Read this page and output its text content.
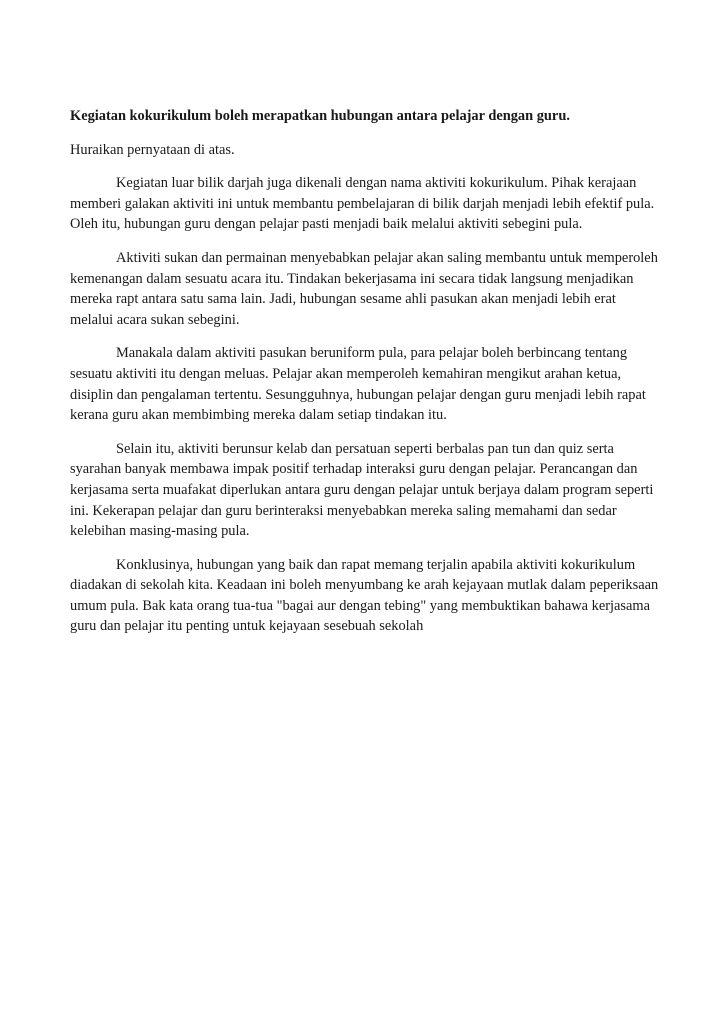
Kegiatan kokurikulum boleh merapatkan hubungan antara pelajar dengan guru.

Huraikan pernyataan di atas.

Kegiatan luar bilik darjah juga dikenali dengan nama aktiviti kokurikulum. Pihak kerajaan memberi galakan aktiviti ini untuk membantu pembelajaran di bilik darjah menjadi lebih efektif pula. Oleh itu, hubungan guru dengan pelajar pasti menjadi baik melalui aktiviti sebegini pula.

Aktiviti sukan dan permainan menyebabkan pelajar akan saling membantu untuk memperoleh kemenangan dalam sesuatu acara itu. Tindakan bekerjasama ini secara tidak langsung menjadikan mereka rapt antara satu sama lain. Jadi, hubungan sesame ahli pasukan akan menjadi lebih erat melalui acara sukan sebegini.

Manakala dalam aktiviti pasukan beruniform pula, para pelajar boleh berbincang tentang sesuatu aktiviti itu dengan meluas. Pelajar akan memperoleh kemahiran mengikut arahan ketua, disiplin dan pengalaman tertentu. Sesungguhnya, hubungan pelajar dengan guru menjadi lebih rapat kerana guru akan membimbing mereka dalam setiap tindakan itu.

Selain itu, aktiviti berunsur kelab dan persatuan seperti berbalas pan tun dan quiz serta syarahan banyak membawa impak positif terhadap interaksi guru dengan pelajar. Perancangan dan kerjasama serta muafakat diperlukan antara guru dengan pelajar untuk berjaya dalam program seperti ini. Kekerapan pelajar dan guru berinteraksi menyebabkan mereka saling memahami dan sedar kelebihan masing-masing pula.

Konklusinya, hubungan yang baik dan rapat memang terjalin apabila aktiviti kokurikulum diadakan di sekolah kita. Keadaan ini boleh menyumbang ke arah kejayaan mutlak dalam peperiksaan umum pula. Bak kata orang tua-tua "bagai aur dengan tebing" yang membuktikan bahawa kerjasama guru dan pelajar itu penting untuk kejayaan sesebuah sekolah
